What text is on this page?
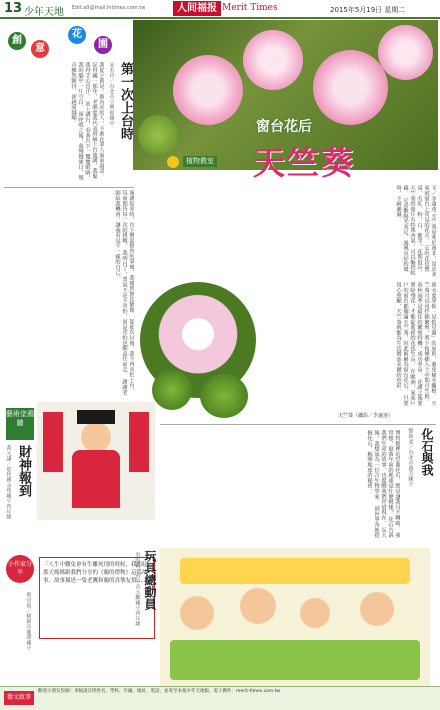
13 少年天地 Edit:a9@mail.intimes.com.tw	人间福报 Merit Times	2015年5月19日 星期二
創
意
花
園
第一次上台時
宋若玲／台北市立興福國中
我從小就是一個內向的人，不敢在眾人面前說話。 記得國一那年，老師要我代表班級上台演講，我緊張得手心冒汗。 站上講台，看著台下一雙雙眼睛，我的腦中一片空白。 深呼吸之後，我慢慢開口，聲音雖然顫抖，卻越說越順。
演講結束時，台下響起熱烈的掌聲，我感到無比驕傲。 從那次以後，我不再害怕上台，反而期待每一次的挑戰。 我明白了，勇氣不是不害怕，而是害怕也願意往前走。 謝謝老師給我機會，讓我看見不一樣的自己。
窗台花后
天竺葵
植物教室
文／李遠達 天竺葵原產於南非，是許多家庭窗台上常見的花卉。 它的花色豐富，有紅、粉、白、紫等，花期很長。 天竺葵的葉片有特殊香氣，可以驅趕蚊蟲。 它喜歡陽光充足、通風良好的環境，不耐潮濕。
澆水要掌握「見乾見濕」的原則，避免積水爛根。 天竺葵可以用扦插繁殖，剪下枝條插入土中即可生根。 春秋兩季是最佳的繁殖時機，成功率高。 花謝之後要剪除殘花，才能促進新的花苞生長。 在歐洲，家家戶戶的窗台都擺滿天竺葵，因此被稱為窗台花后。 只要用心照顧，天竺葵就能為生活增添美麗的色彩。
天竺葵（攝影／李遠達）
化石與我
劉筱柔／台北市萬芳國小
博物館裡的恐龍化石，總是讓我目不轉睛。 我常想，億萬年前的地球是什麼模樣？ 化石告訴我們生命的故事，也提醒我們珍惜現在。 長大後，我想成為一位古生物學家。 到世界各地挖掘化石，解開地球的秘密。
藝術塗鴉牆
財神報到
黃元謙／彰化縣永靖國小四年級
小作家分享
「人生中難免會有生離死別的時候，我想起那天媽媽跟我們分享的《蘭的禮物》這篇故事。故事描述一隻老鷹和蘭的真摯友情……」
蔡宜庭／桃園市龍潭國小
玩具總動員
吳昀軒／台中市大鵬國小四年級
徵文啟事
歡迎小朋友投稿！來稿請註明姓名、學校、年級、地址、電話，並寄至本報少年天地版。電子郵件：merit-times.com.tw
